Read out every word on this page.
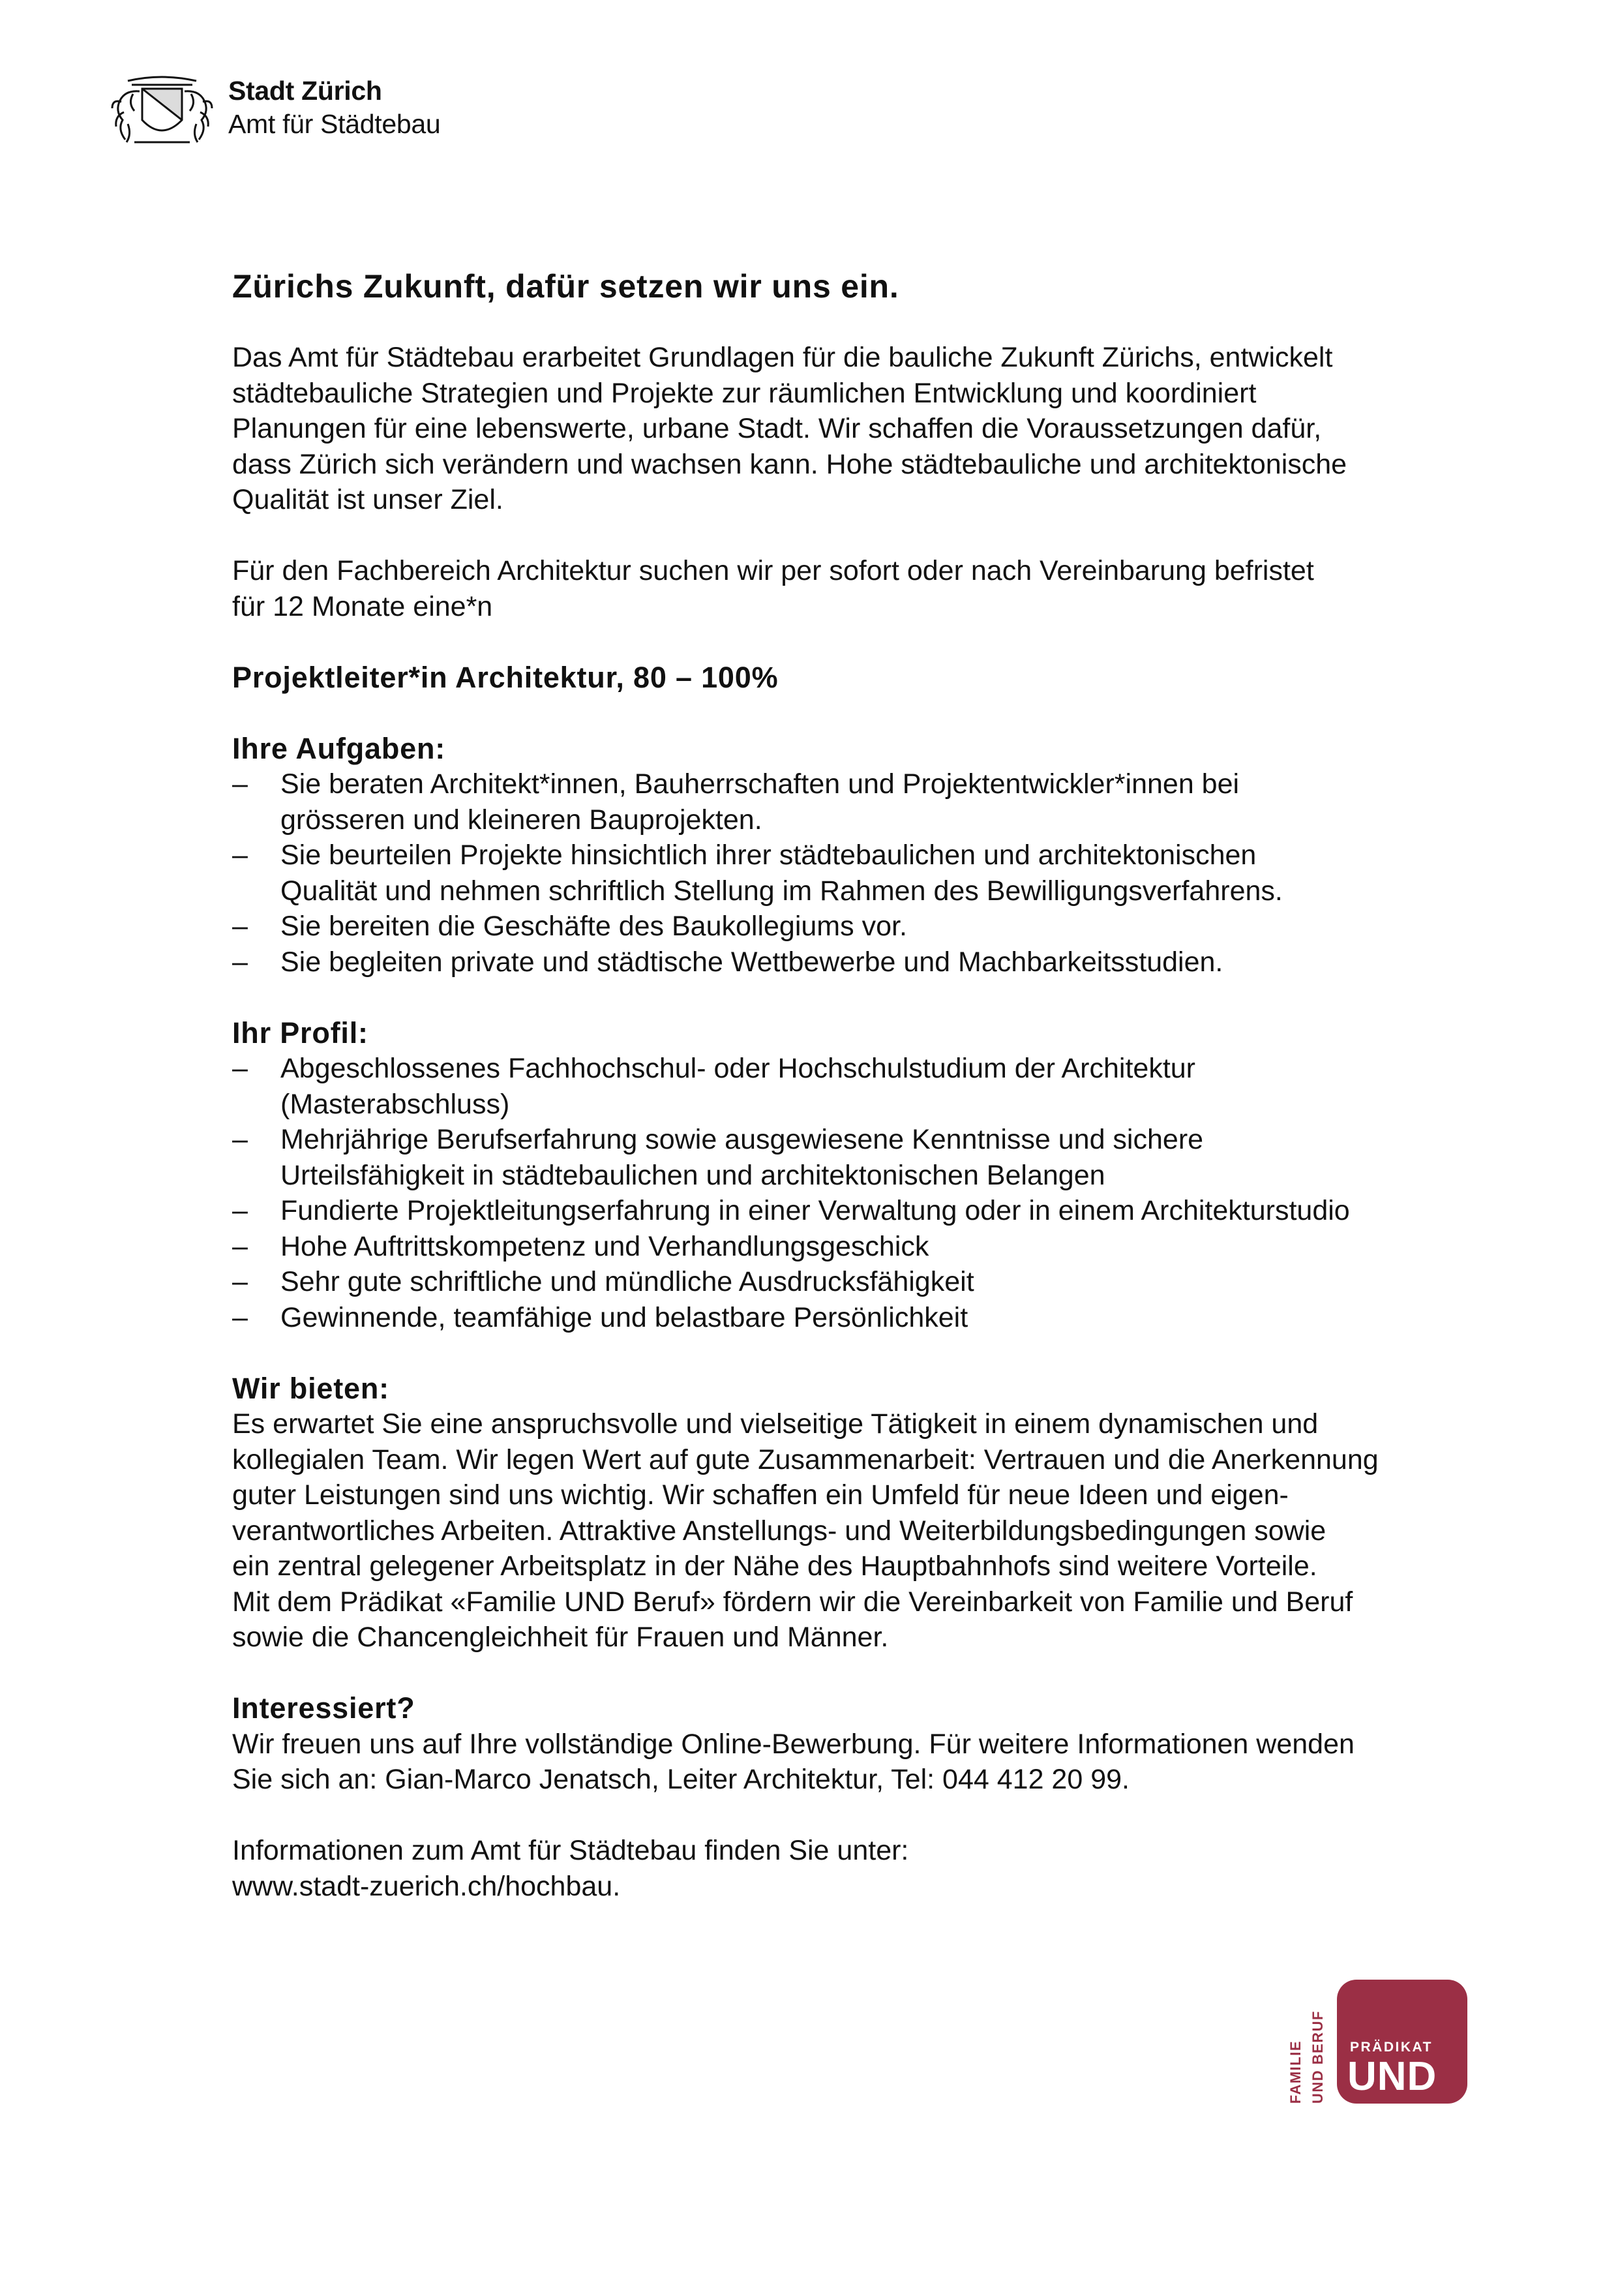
Stadt Zürich
Amt für Städtebau
Zürichs Zukunft, dafür setzen wir uns ein.

Das Amt für Städtebau erarbeitet Grundlagen für die bauliche Zukunft Zürichs, entwickelt

städtebauliche Strategien und Projekte zur räumlichen Entwicklung und koordiniert

Planungen für eine lebenswerte, urbane Stadt. Wir schaffen die Voraussetzungen dafür,

dass Zürich sich verändern und wachsen kann. Hohe städtebauliche und architektonische

Qualität ist unser Ziel.

Für den Fachbereich Architektur suchen wir per sofort oder nach Vereinbarung befristet

für 12 Monate eine*n

Projektleiter*in Architektur, 80 – 100%
Ihre Aufgaben:
– Sie beraten Architekt*innen, Bauherrschaften und Projektentwickler*innen bei
grösseren und kleineren Bauprojekten.
– Sie beurteilen Projekte hinsichtlich ihrer städtebaulichen und architektonischen
Qualität und nehmen schriftlich Stellung im Rahmen des Bewilligungsverfahrens.
– Sie bereiten die Geschäfte des Baukollegiums vor.
– Sie begleiten private und städtische Wettbewerbe und Machbarkeitsstudien.
Ihr Profil:
– Abgeschlossenes Fachhochschul- oder Hochschulstudium der Architektur
(Masterabschluss)
– Mehrjährige Berufserfahrung sowie ausgewiesene Kenntnisse und sichere
Urteilsfähigkeit in städtebaulichen und architektonischen Belangen
– Fundierte Projektleitungserfahrung in einer Verwaltung oder in einem Architekturstudio
– Hohe Auftrittskompetenz und Verhandlungsgeschick
– Sehr gute schriftliche und mündliche Ausdrucksfähigkeit
– Gewinnende, teamfähige und belastbare Persönlichkeit
Wir bieten:

Es erwartet Sie eine anspruchsvolle und vielseitige Tätigkeit in einem dynamischen und

kollegialen Team. Wir legen Wert auf gute Zusammenarbeit: Vertrauen und die Anerkennung

guter Leistungen sind uns wichtig. Wir schaffen ein Umfeld für neue Ideen und eigen-

verantwortliches Arbeiten. Attraktive Anstellungs- und Weiterbildungsbedingungen sowie

ein zentral gelegener Arbeitsplatz in der Nähe des Hauptbahnhofs sind weitere Vorteile.

Mit dem Prädikat «Familie UND Beruf» fördern wir die Vereinbarkeit von Familie und Beruf

sowie die Chancengleichheit für Frauen und Männer.

Interessiert?

Wir freuen uns auf Ihre vollständige Online-Bewerbung. Für weitere Informationen wenden

Sie sich an: Gian-Marco Jenatsch, Leiter Architektur, Tel: 044 412 20 99.

Informationen zum Amt für Städtebau finden Sie unter:

www.stadt-zuerich.ch/hochbau.

FAMILIE UND BERUF PRÄDIKAT
UND
